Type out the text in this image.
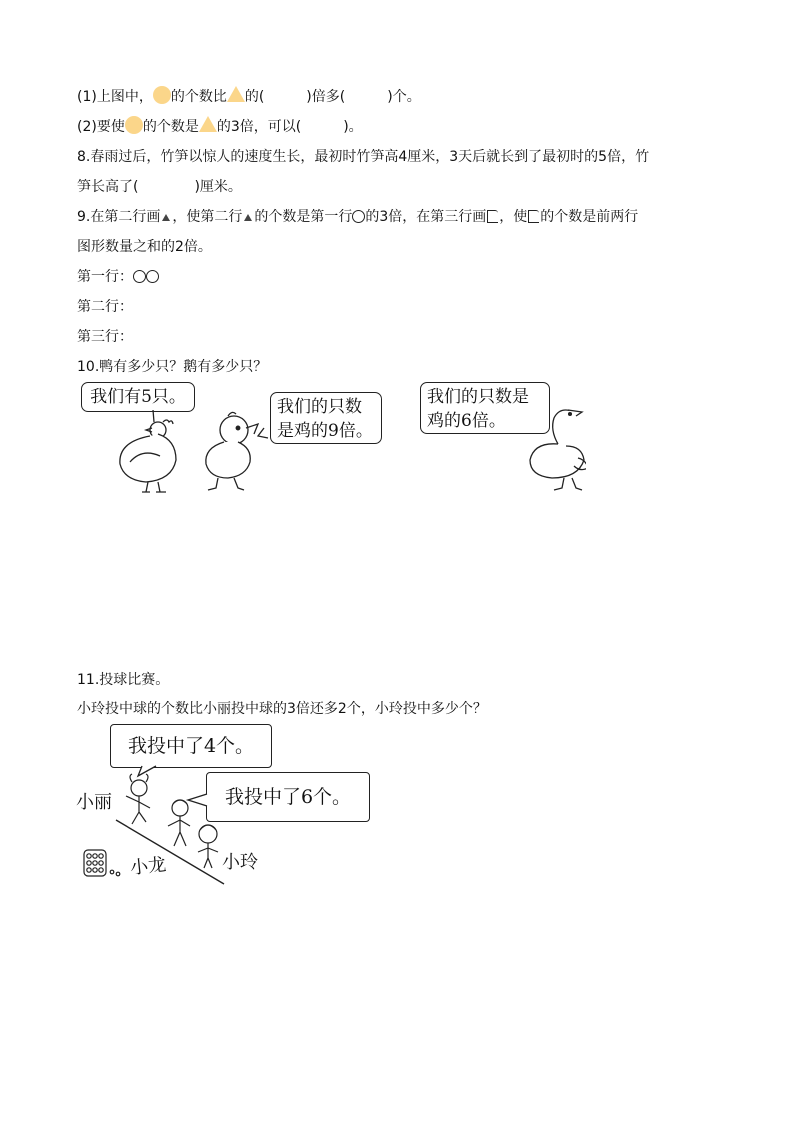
(1)上图中， 的个数比 的(　　　)倍多(　　　)个。
(2)要使 的个数是 的3倍，可以(　　　)。
8.春雨过后，竹笋以惊人的速度生长，最初时竹笋高4厘米，3天后就长到了最初时的5倍，竹
笋长高了(　　　　)厘米。
9.在第二行画 ，使第二行 的个数是第一行 的3倍，在第三行画 ，使 的个数是前两行
图形数量之和的2倍。
第一行：
第二行：
第三行：
10.鸭有多少只？鹅有多少只？
我们有5只。	我们的只数
是鸡的9倍。
我们的只数是
鸡的6倍。
11.投球比赛。
小玲投中球的个数比小丽投中球的3倍还多2个，小玲投中多少个？
我投中了4个。
我投中了6个。
小丽
小龙	小玲
